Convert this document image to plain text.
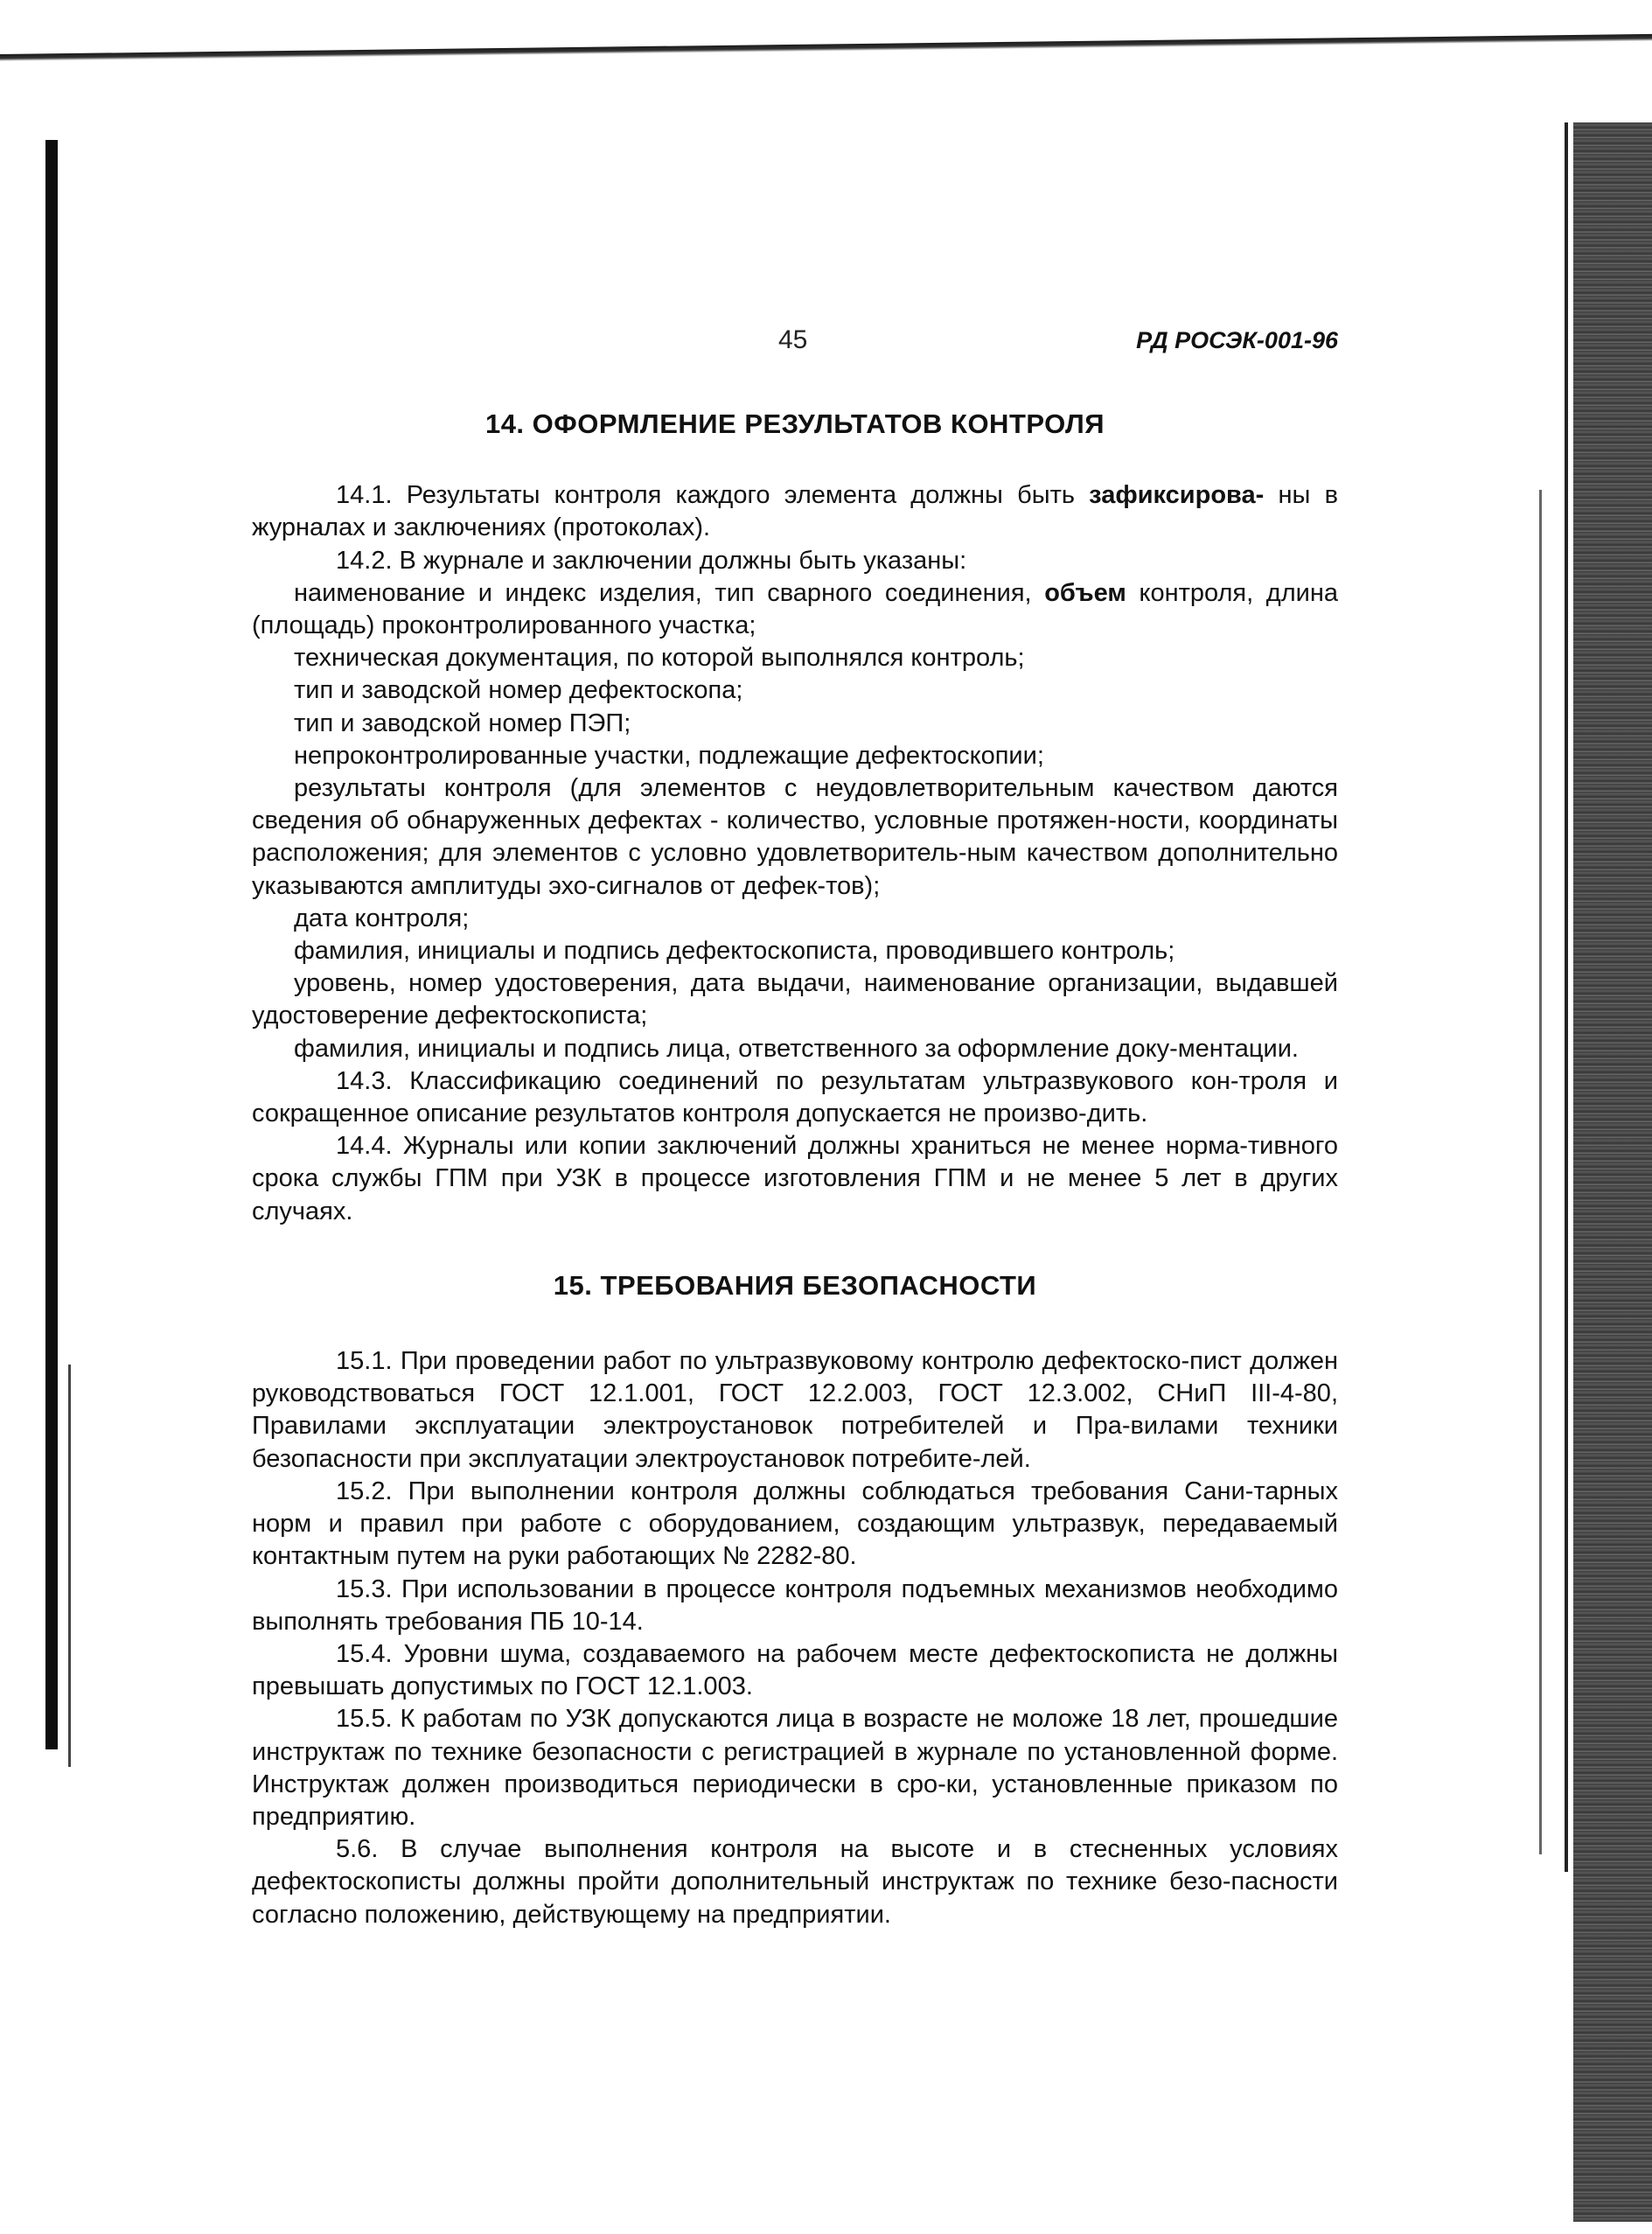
45	РД РОСЭК-001-96
14. ОФОРМЛЕНИЕ РЕЗУЛЬТАТОВ КОНТРОЛЯ

14.1. Результаты контроля каждого элемента должны быть зафиксирова- ны в журналах и заключениях (протоколах).

14.2. В журнале и заключении должны быть указаны:

наименование и индекс изделия, тип сварного соединения, объем контроля, длина (площадь) проконтролированного участка;

техническая документация, по которой выполнялся контроль;

тип и заводской номер дефектоскопа;

тип и заводской номер ПЭП;

непроконтролированные участки, подлежащие дефектоскопии;

результаты контроля (для элементов с неудовлетворительным качеством даются сведения об обнаруженных дефектах - количество, условные протяжен-ности, координаты расположения; для элементов с условно удовлетворитель-ным качеством дополнительно указываются амплитуды эхо-сигналов от дефек-тов);

дата контроля;

фамилия, инициалы и подпись дефектоскописта, проводившего контроль;

уровень, номер удостоверения, дата выдачи, наименование организации, выдавшей удостоверение дефектоскописта;

фамилия, инициалы и подпись лица, ответственного за оформление доку-ментации.

14.3. Классификацию соединений по результатам ультразвукового кон-троля и сокращенное описание результатов контроля допускается не произво-дить.

14.4. Журналы или копии заключений должны храниться не менее норма-тивного срока службы ГПМ при УЗК в процессе изготовления ГПМ и не менее 5 лет в других случаях.

15. ТРЕБОВАНИЯ БЕЗОПАСНОСТИ

15.1. При проведении работ по ультразвуковому контролю дефектоско-пист должен руководствоваться ГОСТ 12.1.001, ГОСТ 12.2.003, ГОСТ 12.3.002, СНиП III-4-80, Правилами эксплуатации электроустановок потребителей и Пра-вилами техники безопасности при эксплуатации электроустановок потребите-лей.

15.2. При выполнении контроля должны соблюдаться требования Сани-тарных норм и правил при работе с оборудованием, создающим ультразвук, передаваемый контактным путем на руки работающих № 2282-80.

15.3. При использовании в процессе контроля подъемных механизмов необходимо выполнять требования ПБ 10-14.

15.4. Уровни шума, создаваемого на рабочем месте дефектоскописта не должны превышать допустимых по ГОСТ 12.1.003.

15.5. К работам по УЗК допускаются лица в возрасте не моложе 18 лет, прошедшие инструктаж по технике безопасности с регистрацией в журнале по установленной форме. Инструктаж должен производиться периодически в сро-ки, установленные приказом по предприятию.

5.6. В случае выполнения контроля на высоте и в стесненных условиях дефектоскописты должны пройти дополнительный инструктаж по технике безо-пасности согласно положению, действующему на предприятии.
